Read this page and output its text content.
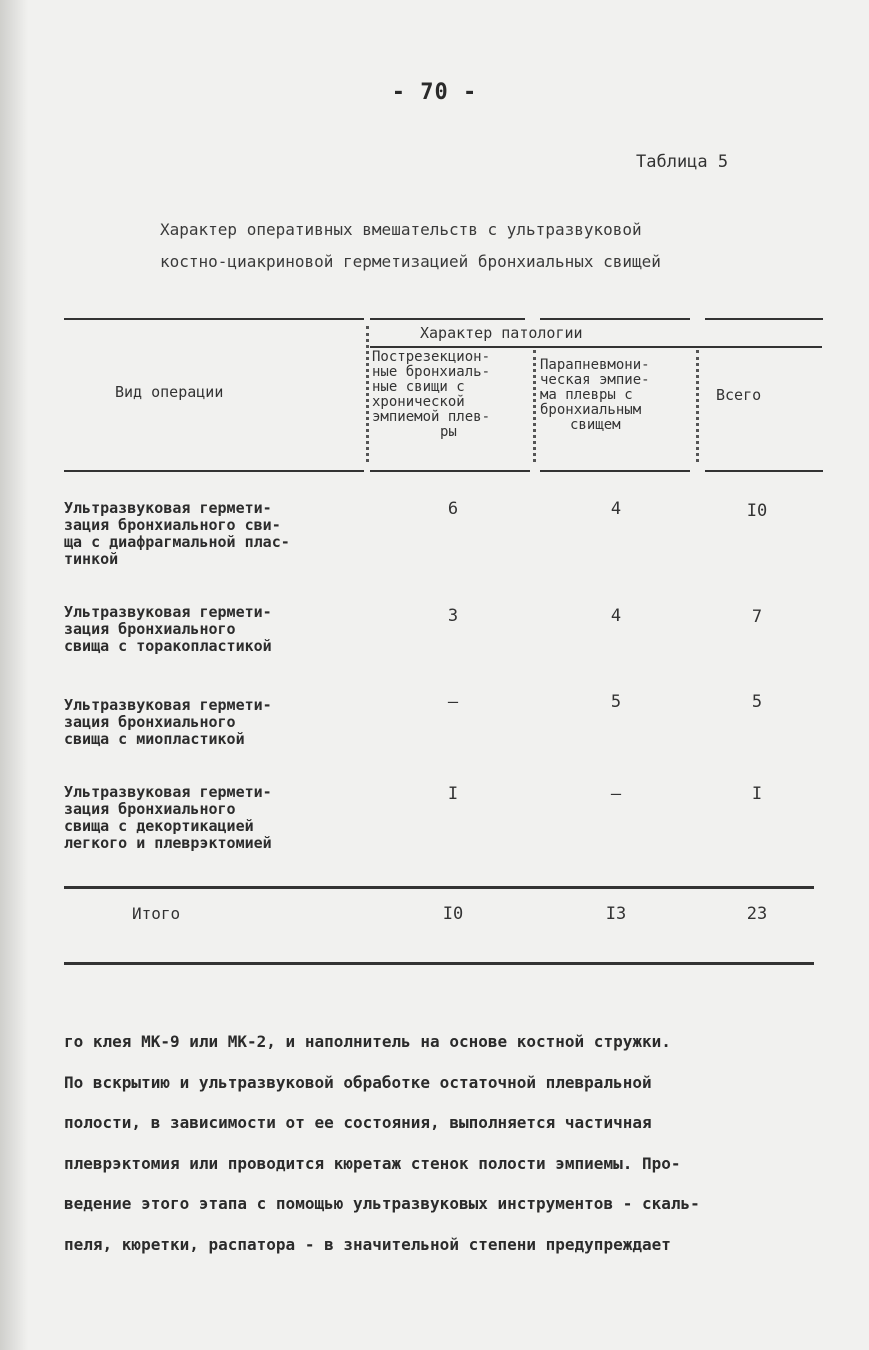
- 70 -
Таблица 5
Характер оперативных вмешательств с ультразвуковой
костно-циакриновой герметизацией бронхиальных свищей
Вид операции
Характер патологии
Пострезекцион-
ные бронхиаль-
ные свищи с
хронической
эмпиемой плев-
ры
Парапневмони-
ческая эмпие-
ма плевры с
бронхиальным
свищем
Всего
Ультразвуковая гермети-
зация бронхиального сви-
ща с диафрагмальной плас-
тинкой
6	4	I0
Ультразвуковая гермети-
зация бронхиального
свища с торакопластикой
3	4	7
Ультразвуковая гермети-
зация бронхиального
свища с миопластикой
–	5	5
Ультразвуковая гермети-
зация бронхиального
свища с декортикацией
легкого и плеврэктомией
I	–	I
Итого	I0	I3	23
го клея МК-9 или МК-2, и наполнитель на основе костной стружки.
По вскрытию и ультразвуковой обработке остаточной плевральной
полости, в зависимости от ее состояния, выполняется частичная
плеврэктомия или проводится кюретаж стенок полости эмпиемы. Про-
ведение этого этапа с помощью ультразвуковых инструментов - скаль-
пеля, кюретки, распатора - в значительной степени предупреждает
